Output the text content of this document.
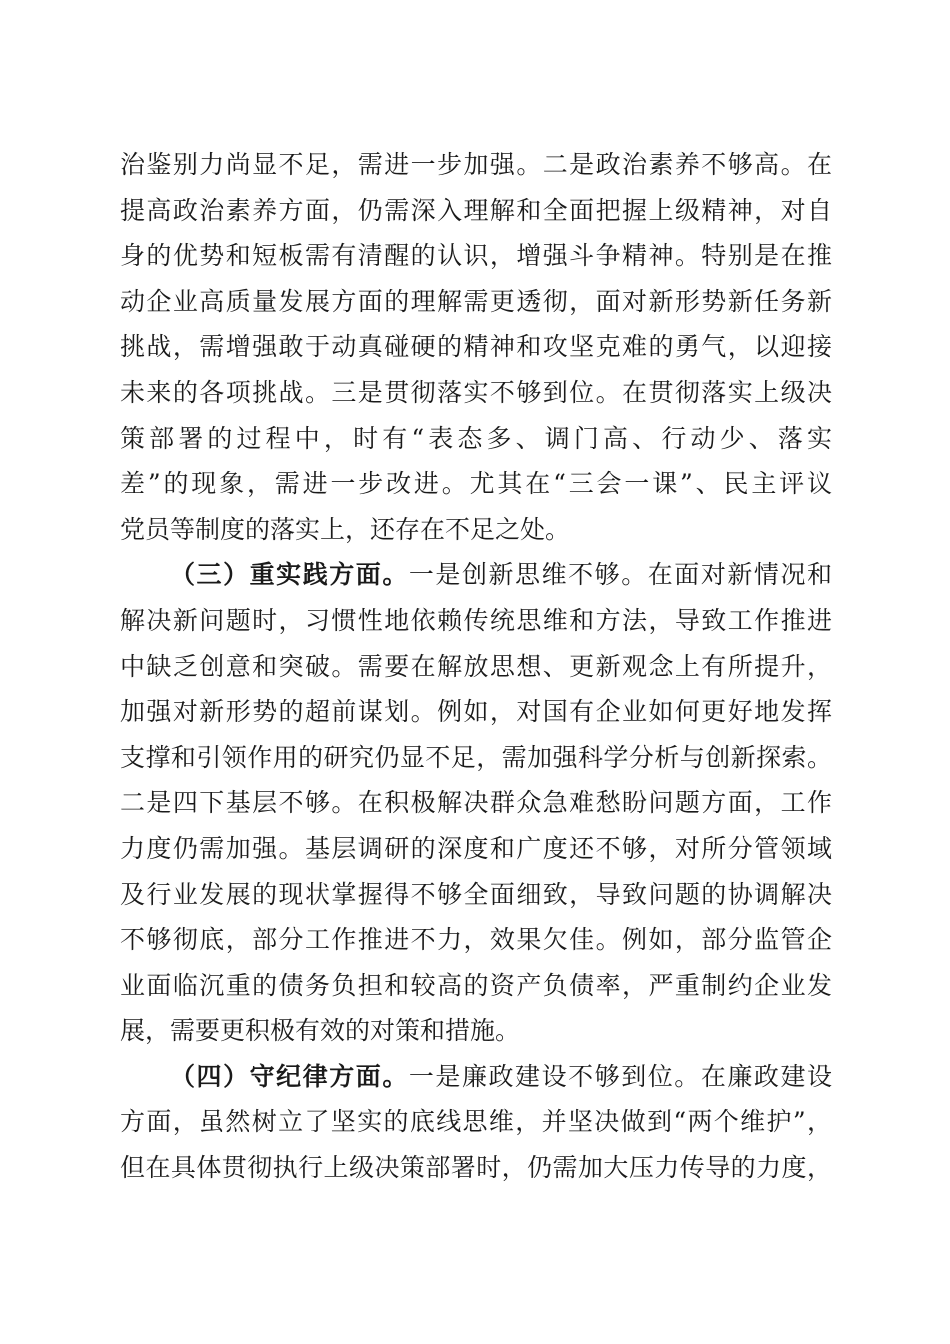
治鉴别力尚显不足，需进一步加强。二是政治素养不够高。在
提高政治素养方面，仍需深入理解和全面把握上级精神，对自
身的优势和短板需有清醒的认识，增强斗争精神。特别是在推
动企业高质量发展方面的理解需更透彻，面对新形势新任务新
挑战，需增强敢于动真碰硬的精神和攻坚克难的勇气，以迎接
未来的各项挑战。三是贯彻落实不够到位。在贯彻落实上级决
策部署的过程中，时有“表态多、调门高、行动少、落实
差”的现象，需进一步改进。尤其在“三会一课”、民主评议
党员等制度的落实上，还存在不足之处。
（三）重实践方面。一是创新思维不够。在面对新情况和
解决新问题时，习惯性地依赖传统思维和方法，导致工作推进
中缺乏创意和突破。需要在解放思想、更新观念上有所提升，
加强对新形势的超前谋划。例如，对国有企业如何更好地发挥
支撑和引领作用的研究仍显不足，需加强科学分析与创新探索。
二是四下基层不够。在积极解决群众急难愁盼问题方面，工作
力度仍需加强。基层调研的深度和广度还不够，对所分管领域
及行业发展的现状掌握得不够全面细致，导致问题的协调解决
不够彻底，部分工作推进不力，效果欠佳。例如，部分监管企
业面临沉重的债务负担和较高的资产负债率，严重制约企业发
展，需要更积极有效的对策和措施。
（四）守纪律方面。一是廉政建设不够到位。在廉政建设
方面，虽然树立了坚实的底线思维，并坚决做到“两个维护”，
但在具体贯彻执行上级决策部署时，仍需加大压力传导的力度，
